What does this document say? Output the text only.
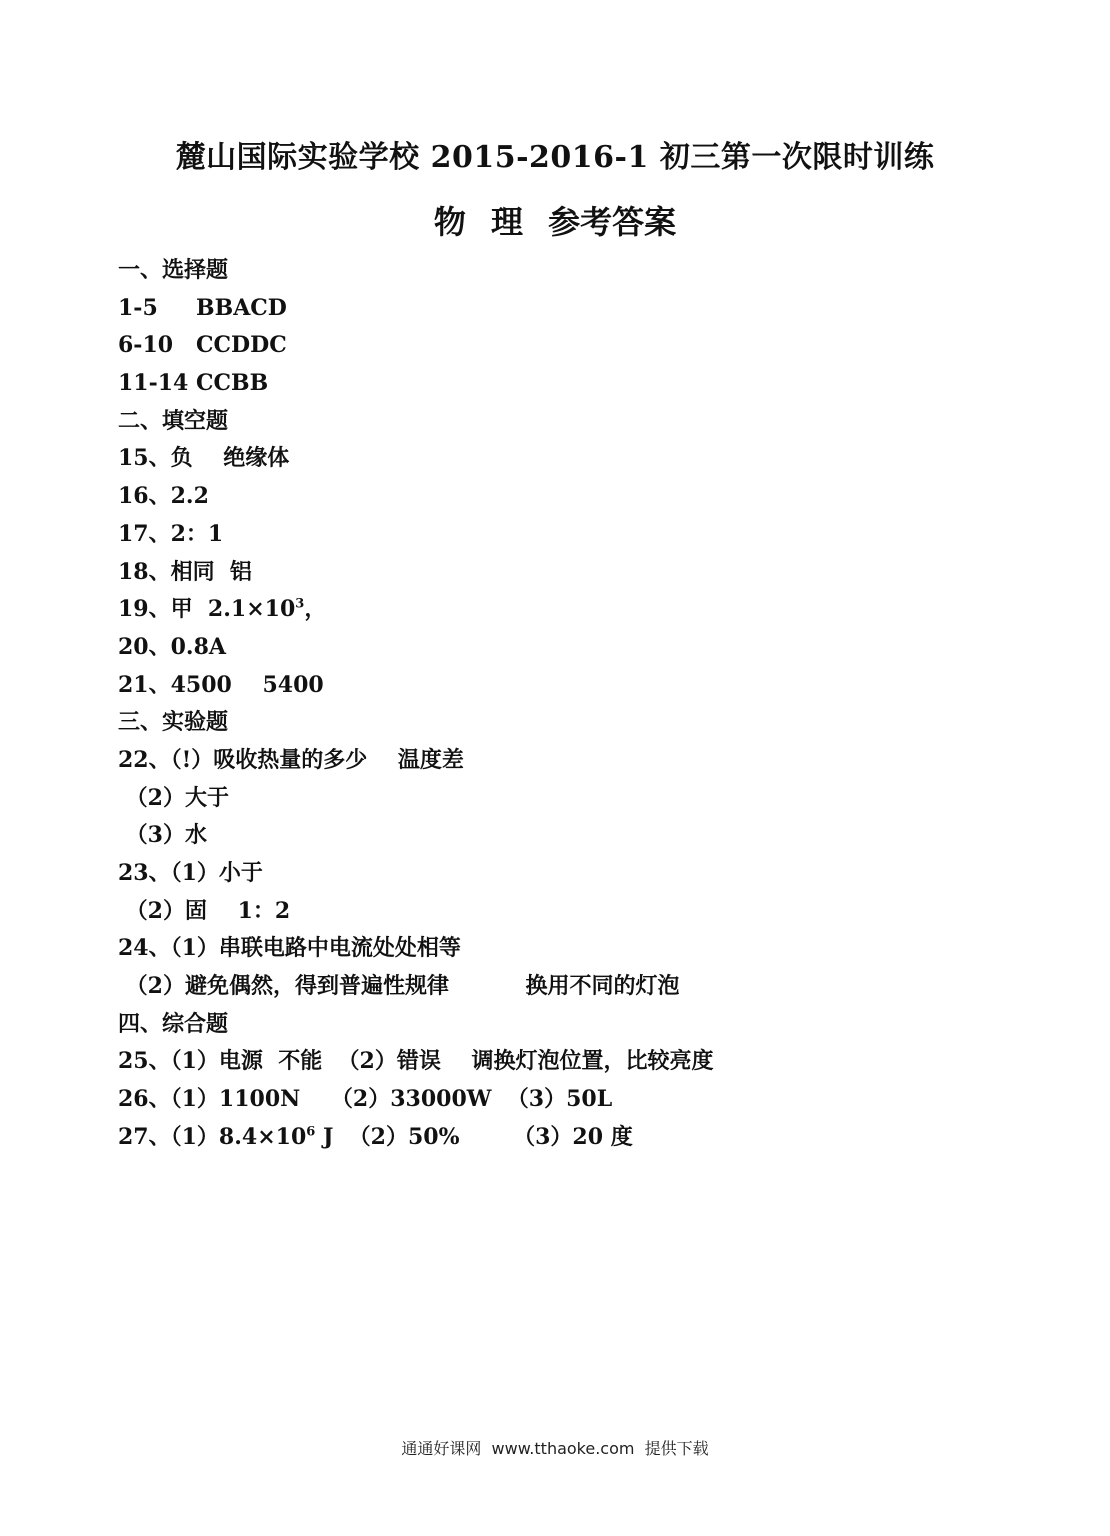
麓山国际实验学校 2015-2016-1 初三第一次限时训练
物 理 参考答案
一、选择题
1-5     BBACD
6-10   CCDDC
11-14 CCBB
二、填空题
15、负    绝缘体
16、2.2
17、2：1
18、相同  铝
19、甲  $2.1\times 10^3$，
20、0.8A
21、4500    5400
三、实验题
22、（!）吸收热量的多少    温度差
（2）大于
（3）水
23、（1）小于
（2）固    1：2
24、（1）串联电路中电流处处相等
（2）避免偶然，得到普遍性规律          换用不同的灯泡
四、综合题
25、（1）电源  不能  （2）错误    调换灯泡位置，比较亮度
26、（1）1100N    （2）33000W  （3）50L
27、$(1)8.4\times 10^6$ J  （2）50%       （3）20 度
通通好课网  www.tthaoke.com  提供下载
